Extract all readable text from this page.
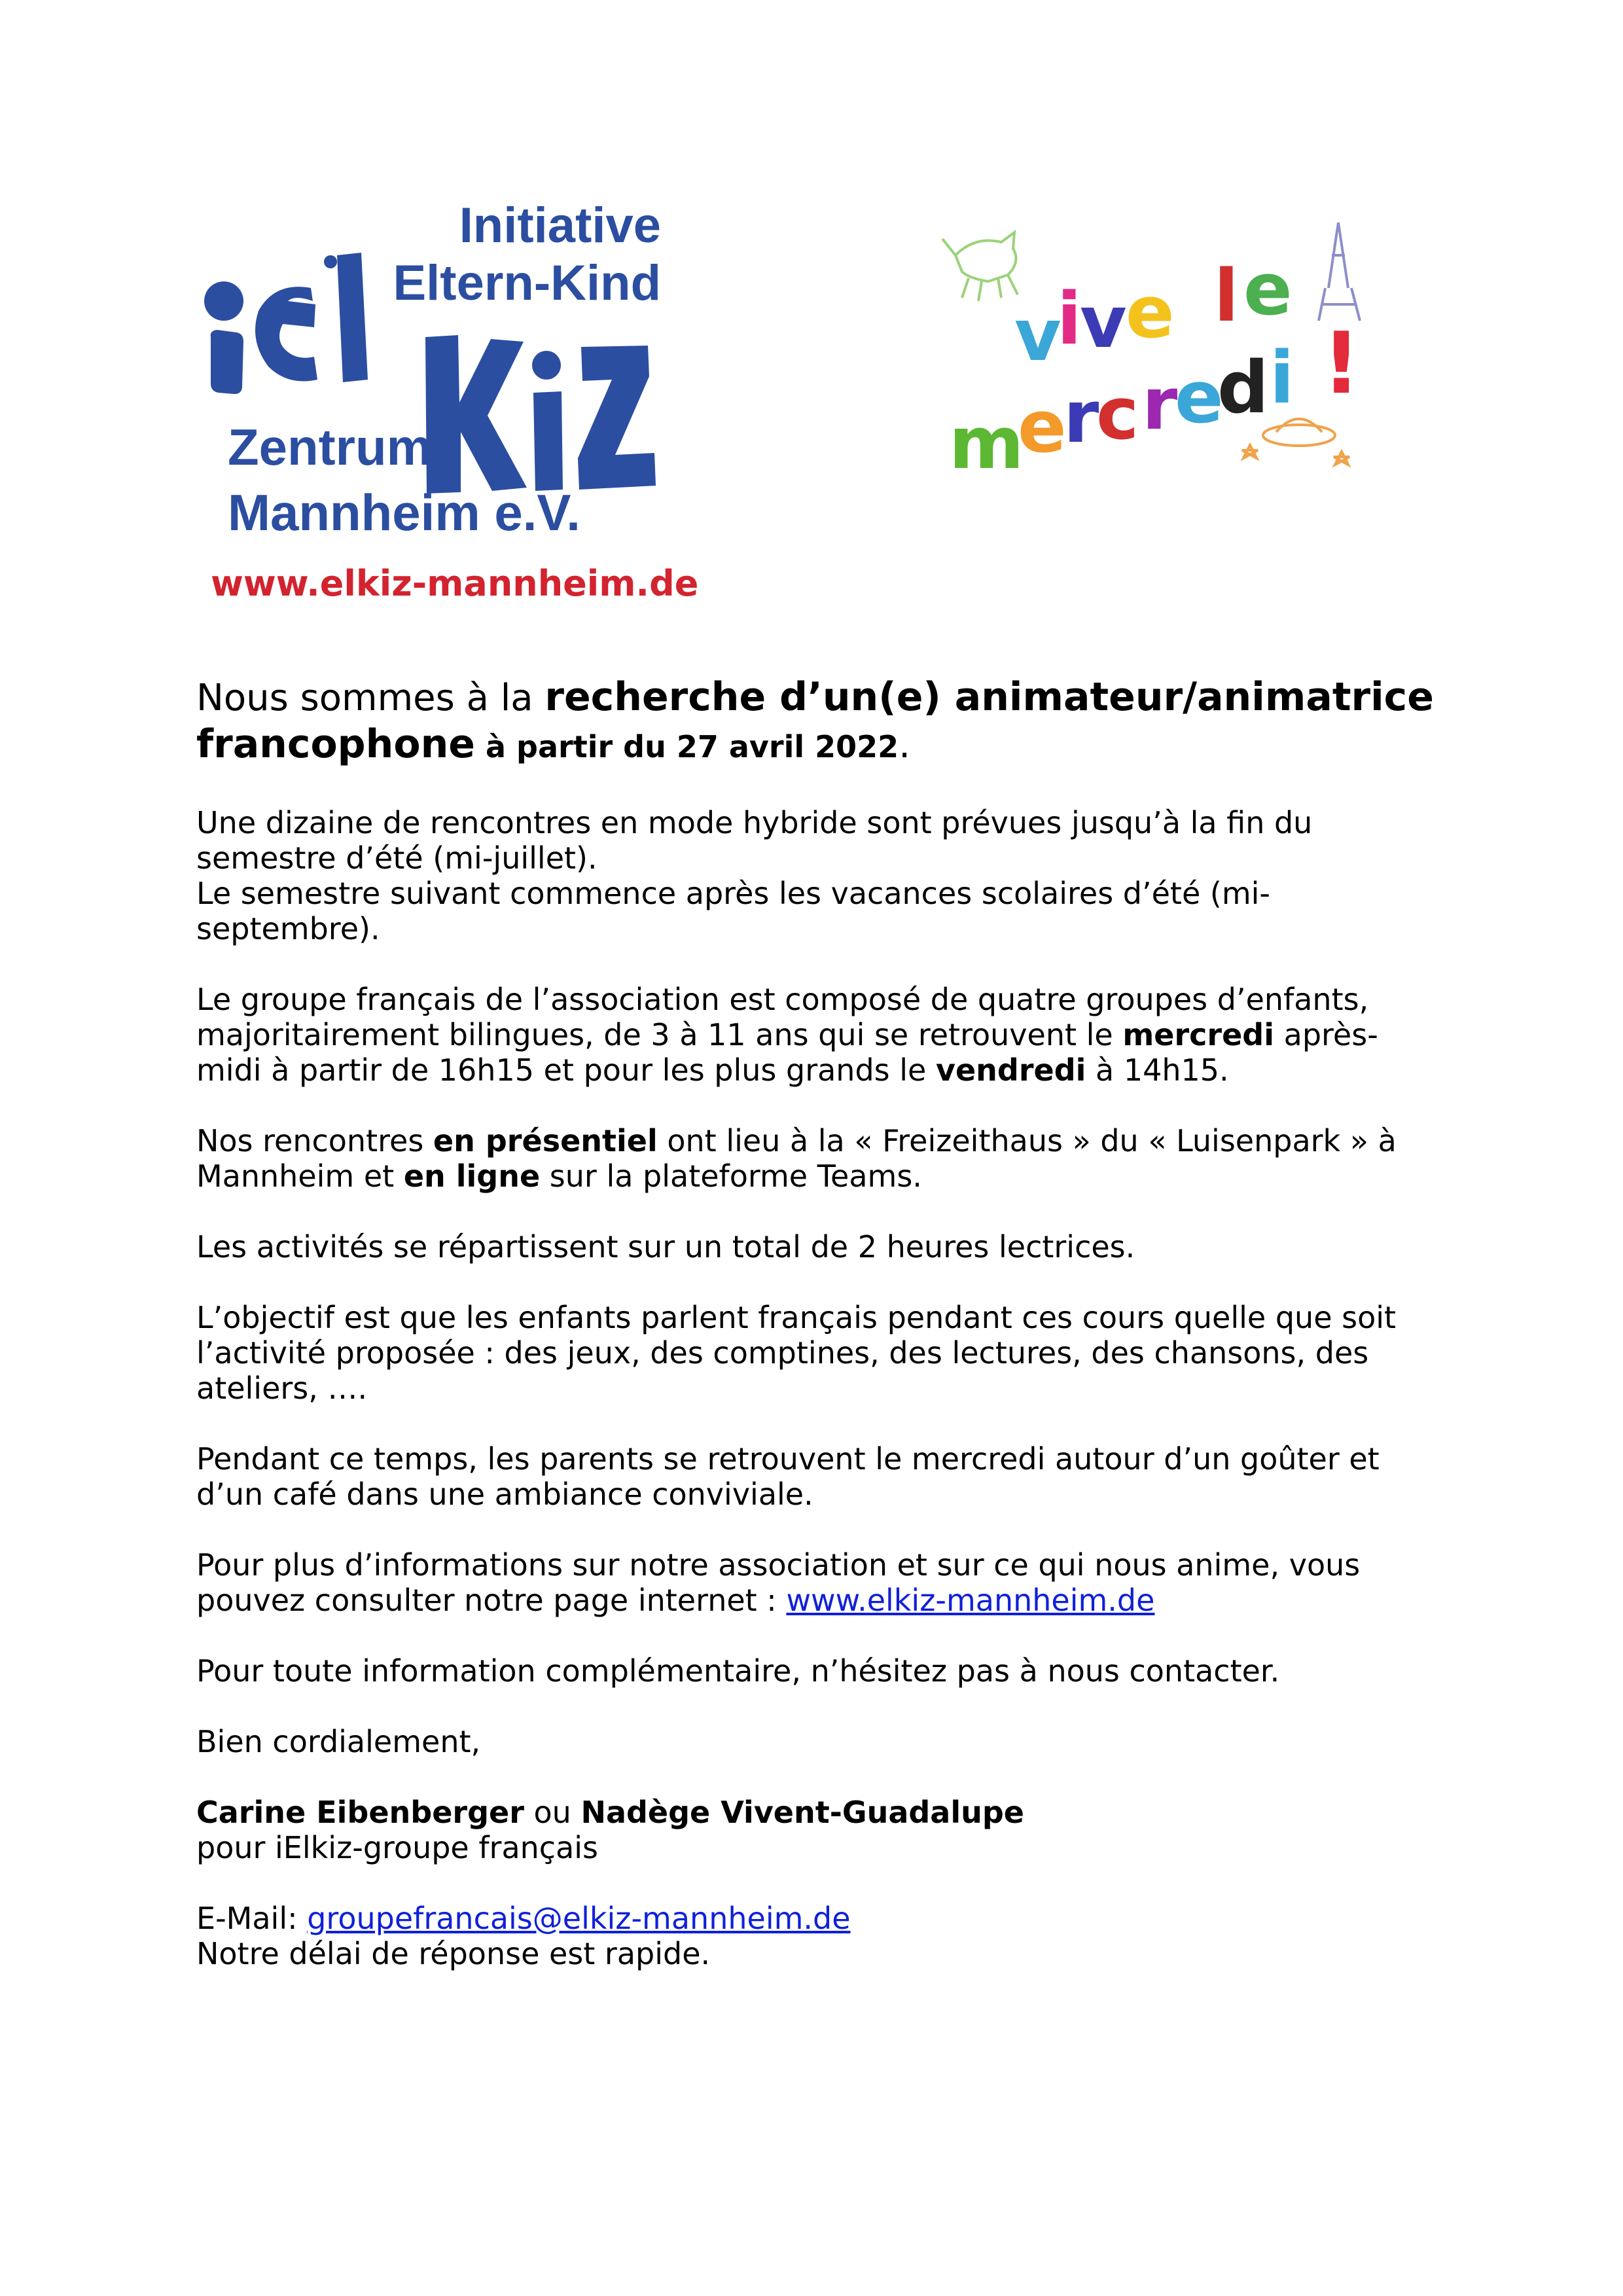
Initiative
Eltern-Kind
Zentrum
Mannheim e.V.
www.elkiz-mannheim.de
v
i
v
e l e
m
e
r
c r
e
d i !

Nous sommes à la recherche d’un(e) animateur/animatrice francophone à partir du 27 avril 2022.

Une dizaine de rencontres en mode hybride sont prévues jusqu’à la fin du semestre d’été (mi-juillet).

Le semestre suivant commence après les vacances scolaires d’été (mi-septembre).

Le groupe français de l’association est composé de quatre groupes d’enfants, majoritairement bilingues, de 3 à 11 ans qui se retrouvent le mercredi après-midi à partir de 16h15 et pour les plus grands le vendredi à 14h15.

Nos rencontres en présentiel ont lieu à la « Freizeithaus » du « Luisenpark » à Mannheim et en ligne sur la plateforme Teams.

Les activités se répartissent sur un total de 2 heures lectrices.

L’objectif est que les enfants parlent français pendant ces cours quelle que soit l’activité proposée : des jeux, des comptines, des lectures, des chansons, des ateliers, ….

Pendant ce temps, les parents se retrouvent le mercredi autour d’un goûter et d’un café dans une ambiance conviviale.

Pour plus d’informations sur notre association et sur ce qui nous anime, vous pouvez consulter notre page internet : www.elkiz-mannheim.de

Pour toute information complémentaire, n’hésitez pas à nous contacter.

Bien cordialement,

Carine Eibenberger ou Nadège Vivent-Guadalupe

pour iElkiz-groupe français

E-Mail: groupefrancais@elkiz-mannheim.de

Notre délai de réponse est rapide.
